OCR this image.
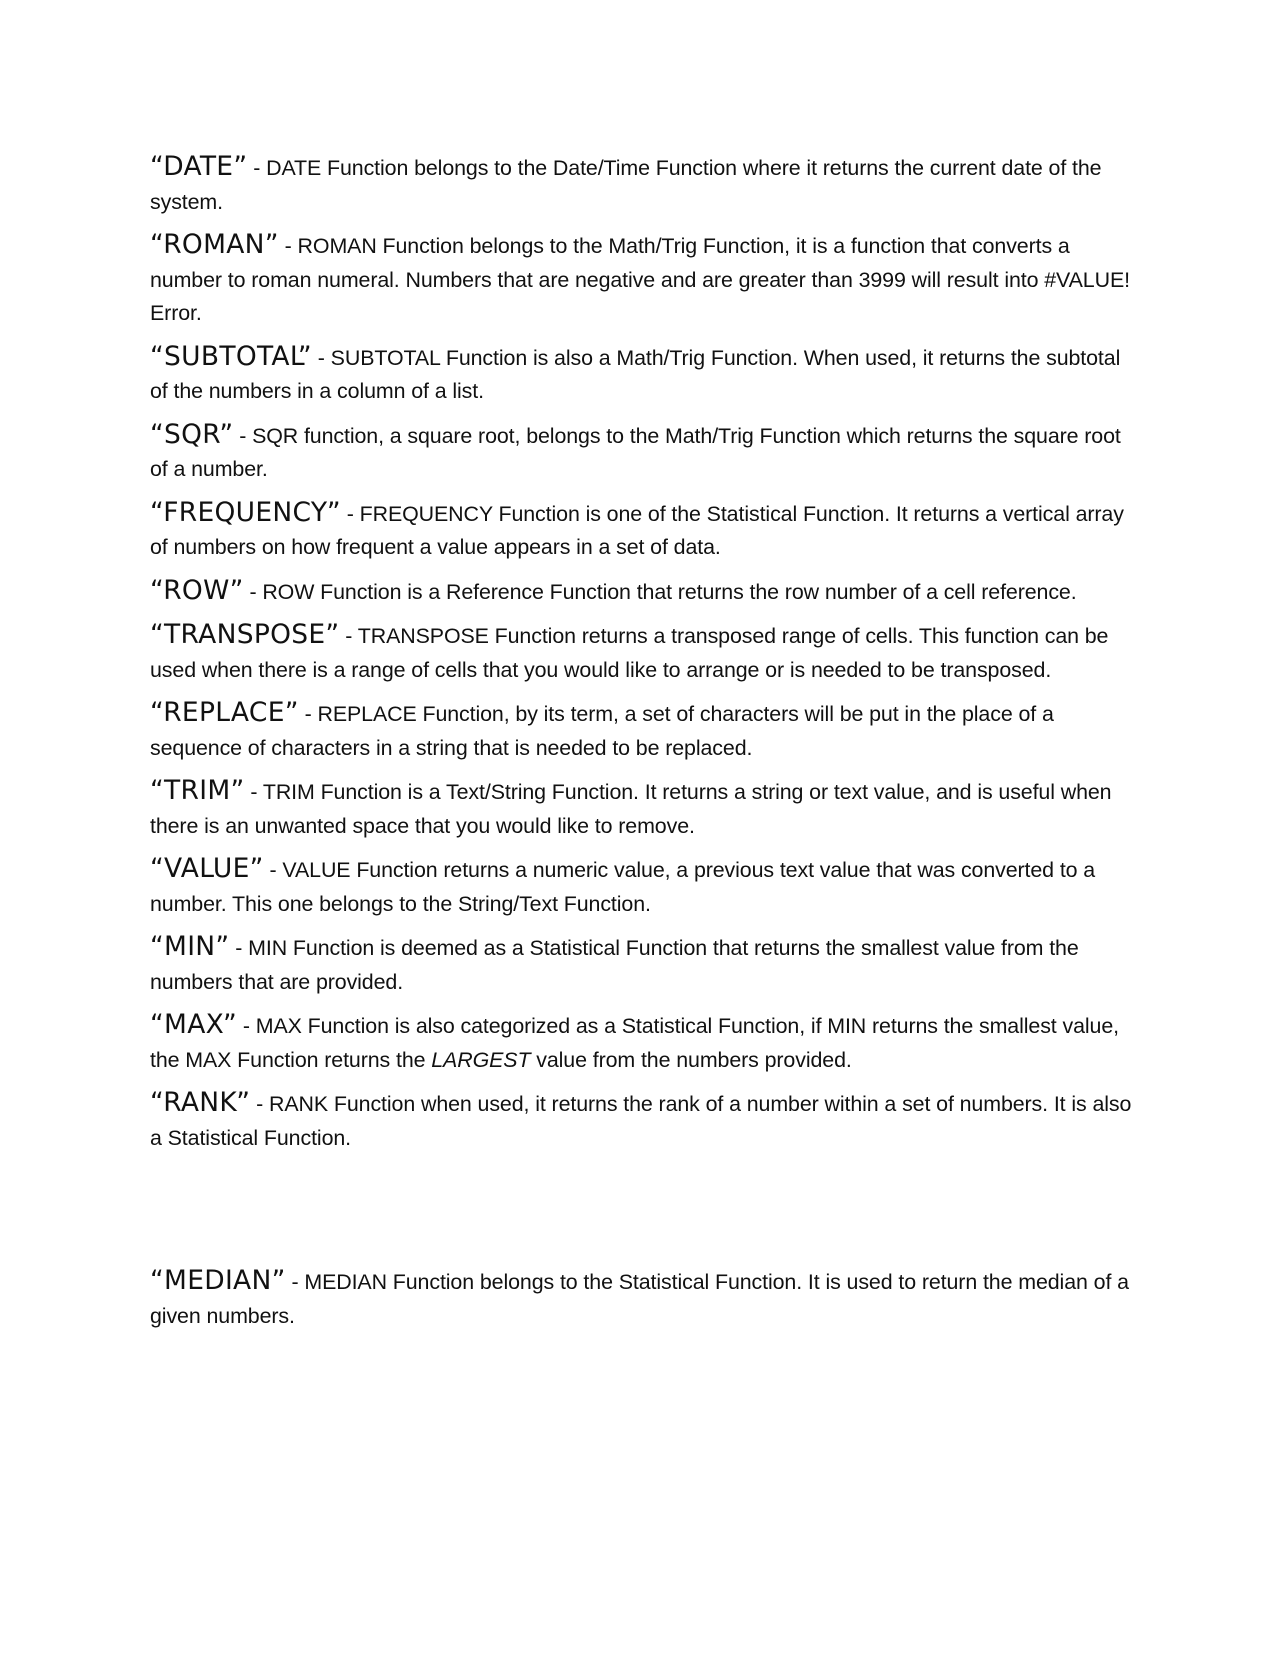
“DATE” - DATE Function belongs to the Date/Time Function where it returns the current date of the system.

“ROMAN” - ROMAN Function belongs to the Math/Trig Function, it is a function that converts a number to roman numeral. Numbers that are negative and are greater than 3999 will result into #VALUE! Error.

“SUBTOTAL” - SUBTOTAL Function is also a Math/Trig Function. When used, it returns the subtotal of the numbers in a column of a list.

“SQR” - SQR function, a square root, belongs to the Math/Trig Function which returns the square root of a number.

“FREQUENCY” - FREQUENCY Function is one of the Statistical Function. It returns a vertical array of numbers on how frequent a value appears in a set of data.

“ROW” - ROW Function is a Reference Function that returns the row number of a cell reference.

“TRANSPOSE” - TRANSPOSE Function returns a transposed range of cells. This function can be used when there is a range of cells that you would like to arrange or is needed to be transposed.

“REPLACE” - REPLACE Function, by its term, a set of characters will be put in the place of a sequence of characters in a string that is needed to be replaced.

“TRIM” - TRIM Function is a Text/String Function. It returns a string or text value, and is useful when there is an unwanted space that you would like to remove.

“VALUE” - VALUE Function returns a numeric value, a previous text value that was converted to a number. This one belongs to the String/Text Function.

“MIN” - MIN Function is deemed as a Statistical Function that returns the smallest value from the numbers that are provided.

“MAX” - MAX Function is also categorized as a Statistical Function, if MIN returns the smallest value, the MAX Function returns the LARGEST value from the numbers provided.

“RANK” - RANK Function when used, it returns the rank of a number within a set of numbers. It is also a Statistical Function.

“MEDIAN” - MEDIAN Function belongs to the Statistical Function. It is used to return the median of a given numbers.
